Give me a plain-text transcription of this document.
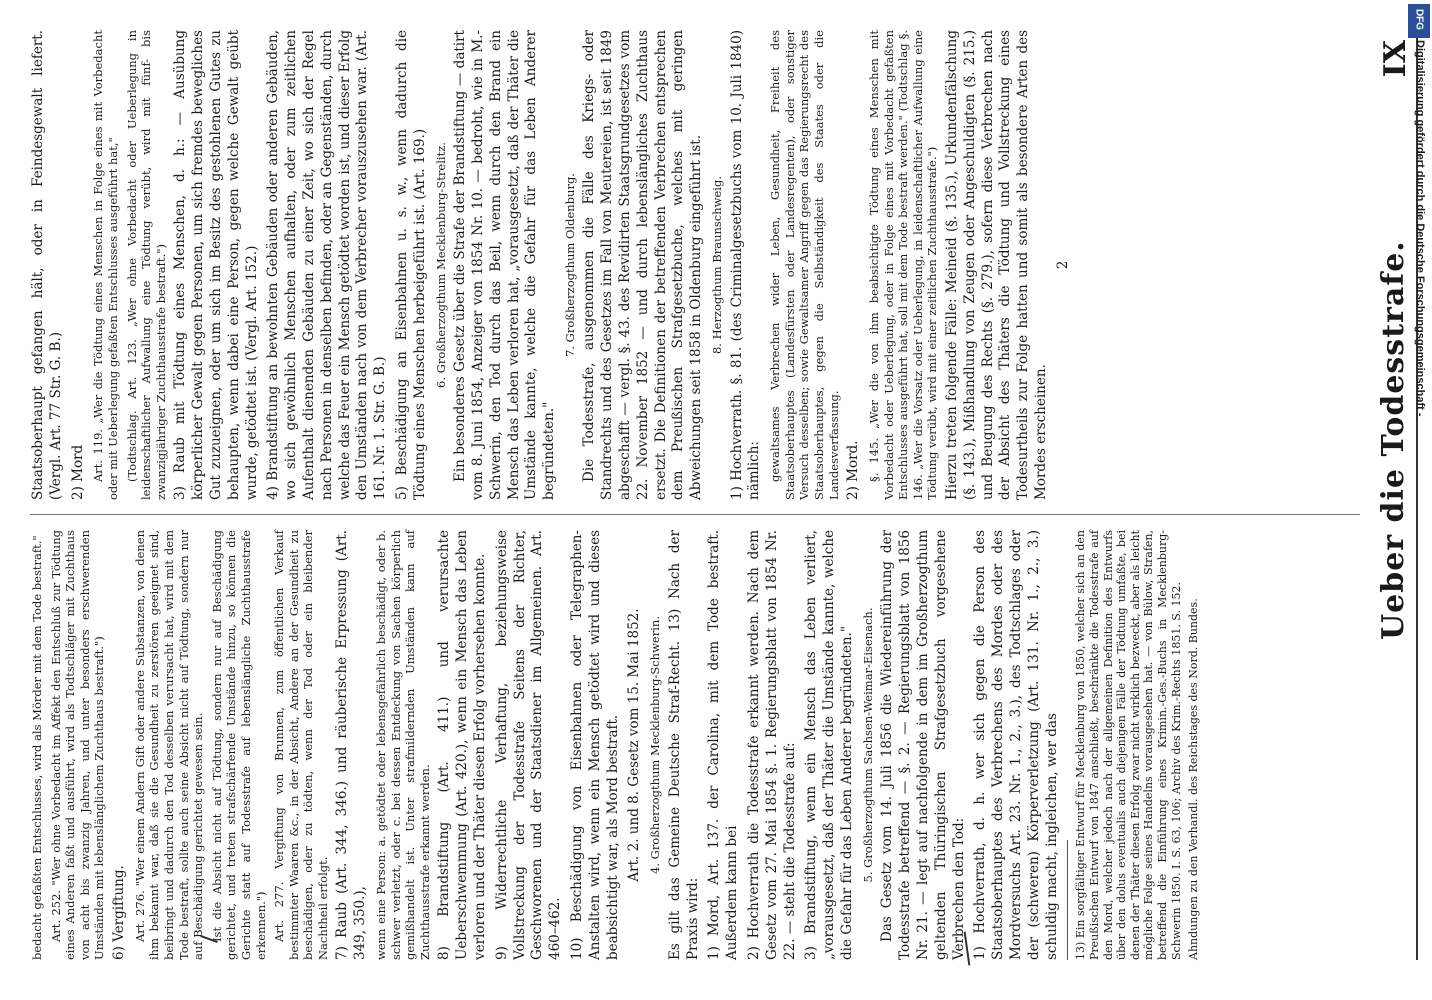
Ueber die Todesstrafe.
IX

bedacht gefaßten Entschlusses, wird als Mörder mit dem Tode bestraft." Art. 252. "Wer ohne Vorbedacht im Affekt den Entschluß zur Tödtung eines Anderen faßt und ausführt, wird als Todtschläger mit Zuchthaus von acht bis zwanzig Jahren, und unter besonders erschwerenden Umständen mit lebenslänglichem Zuchthaus bestraft.") 6) Vergiftung. Art. 276. "Wer einem Andern Gift oder andere Substanzen, von denen ihm bekannt war, daß sie die Gesundheit zu zerstören geeignet sind, beibringt und dadurch den Tod desselben verursacht hat, wird mit dem Tode bestraft, sollte auch seine Absicht nicht auf Tödtung, sondern nur auf Beschädigung gerichtet gewesen sein. Ist die Absicht nicht auf Tödtung, sondern nur auf Beschädigung gerichtet, und treten strafschärfende Umstände hinzu, so können die Gerichte statt auf Todesstrafe auf lebenslängliche Zuchthausstrafe erkennen.") Art. 277. Vergiftung von Brunnen, zum öffentlichen Verkauf bestimmter Waaren &c., in der Absicht, Andere an der Gesundheit zu beschädigen, oder zu tödten, wenn der Tod oder ein bleibender Nachtheil erfolgt. 7) Raub (Art. 344, 346.) und räuberische Erpressung (Art. 349, 350.), wenn eine Person: a. getödtet oder lebensgefährlich beschädigt, oder b. schwer verletzt, oder c. bei dessen Entdeckung von Sachen körperlich gemißhandelt ist. Unter strafmildernden Umständen kann auf Zuchthausstrafe erkannt werden. 8) Brandstiftung (Art. 411.) und verursachte Ueberschwemmung (Art. 420.), wenn ein Mensch das Leben verloren und der Thäter diesen Erfolg vorhersehen konnte. 9) Widerrechtliche Verhaftung, beziehungsweise Vollstreckung der Todesstrafe Seitens der Richter, Geschworenen und der Staatsdiener im Allgemeinen. Art. 460–462. 10) Beschädigung von Eisenbahnen oder Telegraphen-Anstalten wird, wenn ein Mensch getödtet wird und dieses beabsichtigt war, als Mord bestraft. Art. 2. und 8. Gesetz vom 15. Mai 1852. 4. Großherzogthum Mecklenburg-Schwerin. Es gilt das Gemeine Deutsche Straf-Recht. 13) Nach der Praxis wird: 1) Mord, Art. 137. der Carolina, mit dem Tode bestraft. Außerdem kann bei 2) Hochverrath die Todesstrafe erkannt werden. Nach dem Gesetz vom 27. Mai 1854 §. 1. Regierungsblatt von 1854 Nr. 22. — steht die Todesstrafe auf: 3) Brandstiftung, wenn ein Mensch das Leben verliert, „vorausgesetzt, daß der Thäter die Umstände kannte, welche die Gefahr für das Leben Anderer begründeten." 5. Großherzogthum Sachsen-Weimar-Eisenach. Das Gesetz vom 14. Juli 1856 die Wiedereinführung der Todesstrafe betreffend — §. 2. — Regierungsblatt von 1856 Nr. 21. — legt auf nachfolgende in dem im Großherzogthum geltenden Thüringischen Strafgesetzbuch vorgesehene Verbrechen den Tod: 1) Hochverrath, d. h. wer sich gegen die Person des Staatsoberhauptes des Verbrechens des Mordes oder des Mordversuchs Art. 23. Nr. 1., 2., 3.), des Todtschlages oder der (schweren) Körperverletzung (Art. 131. Nr. 1., 2., 3.) schuldig macht, ingleichen, wer das 13) Ein sorgfältiger Entwurf für Mecklenburg von 1850, welcher sich an den Preußischen Entwurf von 1847 anschließt, beschränkte die Todesstrafe auf den Mord, welcher jedoch nach der allgemeinen Definition des Entwurfs über den dolus eventualis auch diejenigen Fälle der Tödtung umfaßte, bei denen der Thäter diesen Erfolg zwar nicht wirklich bezweckt, aber als leicht mögliche Folge seines Handelns vorausgesehen hat. — von Bülow, Strafen, betreffend die Einführung eines Krimin.-Ges.-Buchs in Mecklenburg-Schwerin 1850. I. S. 63, 106; Archiv des Krim.-Rechts 1851. S. 152. Ahndungen zu den Verhandl. des Reichstages des Nord. Bundes.

Staatsoberhaupt gefangen hält, oder in Feindesgewalt liefert. (Vergl. Art. 77 Str. G. B.) 2) Mord Art. 119. „Wer die Tödtung eines Menschen in Folge eines mit Vorbedacht oder mit Ueberlegung gefaßten Entschlusses ausgeführt hat," (Todtschlag. Art. 123. „Wer ohne Vorbedacht oder Ueberlegung in leidenschaftlicher Aufwallung eine Tödtung verübt, wird mit fünf- bis zwanzigjähriger Zuchthausstrafe bestraft.") 3) Raub mit Tödtung eines Menschen, d. h.: — Ausübung körperlicher Gewalt gegen Personen, um sich fremdes bewegliches Gut zuzueignen, oder um sich im Besitz des gestohlenen Gutes zu behaupten, wenn dabei eine Person, gegen welche Gewalt geübt wurde, getödtet ist. (Vergl. Art. 152.) 4) Brandstiftung an bewohnten Gebäuden oder anderen Gebäuden, wo sich gewöhnlich Menschen aufhalten, oder zum zeitlichen Aufenthalt dienenden Gebäuden zu einer Zeit, wo sich der Regel nach Personen in denselben befinden, oder an Gegenständen, durch welche das Feuer ein Mensch getödtet worden ist, und dieser Erfolg den Umständen nach von dem Verbrecher vorauszusehen war. (Art. 161. Nr. 1. Str. G. B.) 5) Beschädigung an Eisenbahnen u. s. w., wenn dadurch die Tödtung eines Menschen herbeigeführt ist. (Art. 169.) 6. Großherzogthum Mecklenburg-Strelitz. Ein besonderes Gesetz über die Strafe der Brandstiftung — datirt vom 8. Juni 1854, Anzeiger von 1854 Nr. 10. — bedroht, wie in M.-Schwerin, den Tod durch das Beil, wenn durch den Brand ein Mensch das Leben verloren hat, „vorausgesetzt, daß der Thäter die Umstände kannte, welche die Gefahr für das Leben Anderer begründeten."

7. Großherzogthum Oldenburg. Die Todesstrafe, ausgenommen die Fälle des Kriegs- oder Standrechts und des Gesetzes im Fall von Meutereien, ist seit 1849 abgeschafft — vergl. §. 43. des Revidirten Staatsgrundgesetzes vom 22. November 1852 — und durch lebenslängliches Zuchthaus ersetzt. Die Definitionen der betreffenden Verbrechen entsprechen dem Preußischen Strafgesetzbuche, welches mit geringen Abweichungen seit 1858 in Oldenburg eingeführt ist. 8. Herzogthum Braunschweig. 1) Hochverrath. §. 81. (des Criminalgesetzbuchs vom 10. Juli 1840) nämlich: gewaltsames Verbrechen wider Leben, Gesundheit, Freiheit des Staatsoberhauptes (Landesfürsten oder Landesregenten), oder sonstiger Versuch desselben; sowie Gewaltsamer Angriff gegen das Regierungsrecht des Staatsoberhauptes, gegen die Selbständigkeit des Staates oder die Landesverfassung. 2) Mord. §. 145. „Wer die von ihm beabsichtigte Tödtung eines Menschen mit Vorbedacht oder Ueberlegung, oder in Folge eines mit Vorbedacht gefaßten Entschlusses ausgeführt hat, soll mit dem Tode bestraft werden." (Todtschlag §. 146. „Wer die Vorsatz oder Ueberlegung, in leidenschaftlicher Aufwallung eine Tödtung verübt, wird mit einer zeitlichen Zuchthausstrafe.") Hierzu treten folgende Fälle: Meineid (§. 135.), Urkundenfälschung (§. 143.), Mißhandlung von Zeugen oder Angeschuldigten (§. 215.) und Beugung des Rechts (§. 279.), sofern diese Verbrechen nach der Absicht des Thäters die Tödtung und Vollstreckung eines Todesurtheils zur Folge hatten und somit als besondere Arten des Mordes erscheinen.

2	Digitalisierung gefördert durch die Deutsche Forschungsgemeinschaft -
DFG
